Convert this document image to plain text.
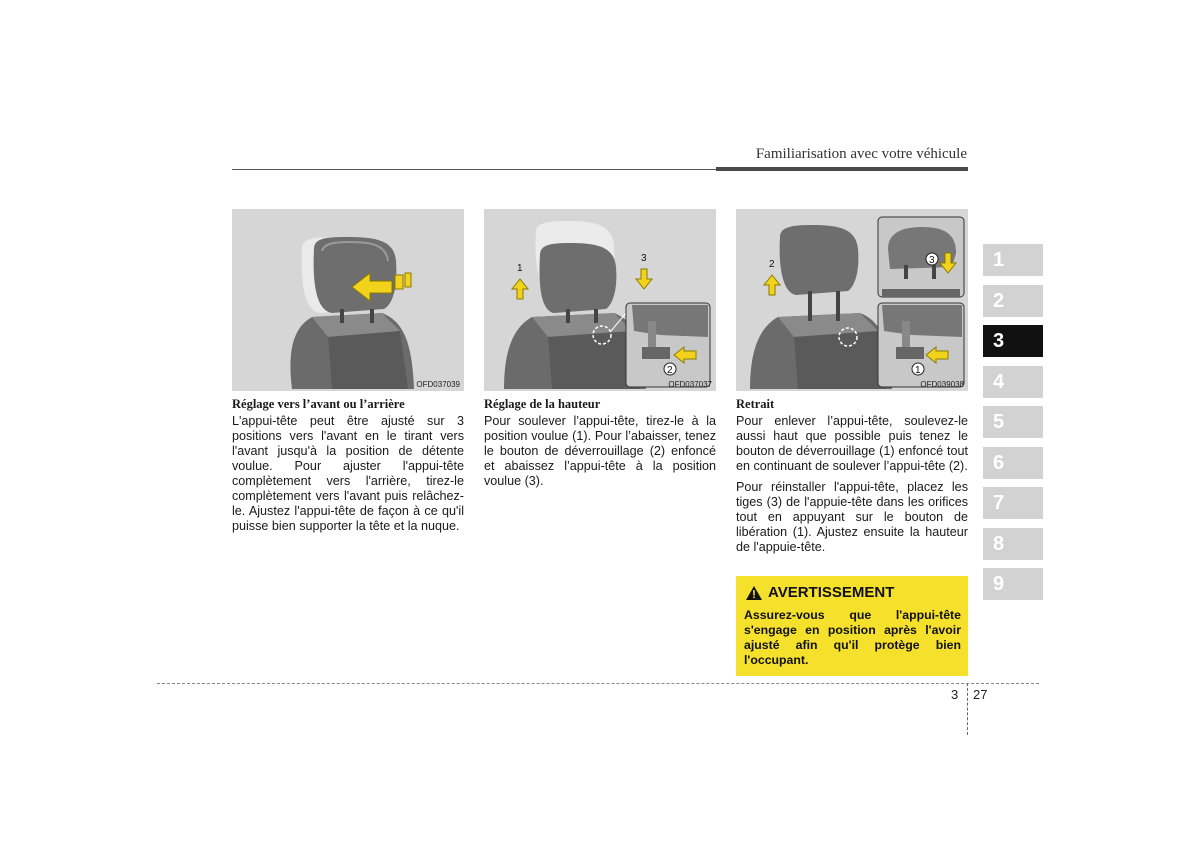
Familiarisation avec votre véhicule
OFD037039
Réglage vers l’avant ou l’arrière

L'appui-tête peut être ajusté sur 3 positions vers l'avant en le tirant vers l'avant jusqu'à la position de détente voulue. Pour ajuster l'appui-tête complètement vers l'arrière, tirez-le complètement vers l'avant puis relâchez-le. Ajustez l'appui-tête de façon à ce qu'il puisse bien supporter la tête et la nuque.

1
3
2
OFD037037
Réglage de la hauteur

Pour soulever l’appui-tête, tirez-le à la position voulue (1). Pour l’abaisser, tenez le bouton de déverrouillage (2) enfoncé et abaissez l’appui-tête à la position voulue (3).

2	3
1
OFD039038
Retrait

Pour enlever l’appui-tête, soulevez-le aussi haut que possible puis tenez le bouton de déverrouillage (1) enfoncé tout en continuant de soulever l’appui-tête (2).

Pour réinstaller l'appui-tête, placez les tiges (3) de l'appuie-tête dans les orifices tout en appuyant sur le bouton de libération (1). Ajustez ensuite la hauteur de l'appuie-tête.

AVERTISSEMENT
Assurez-vous que l'appui-tête s'engage en position après l'avoir ajusté afin qu'il protège bien l'occupant.
1
2
3
4
5
6
7
8
9
3 27
